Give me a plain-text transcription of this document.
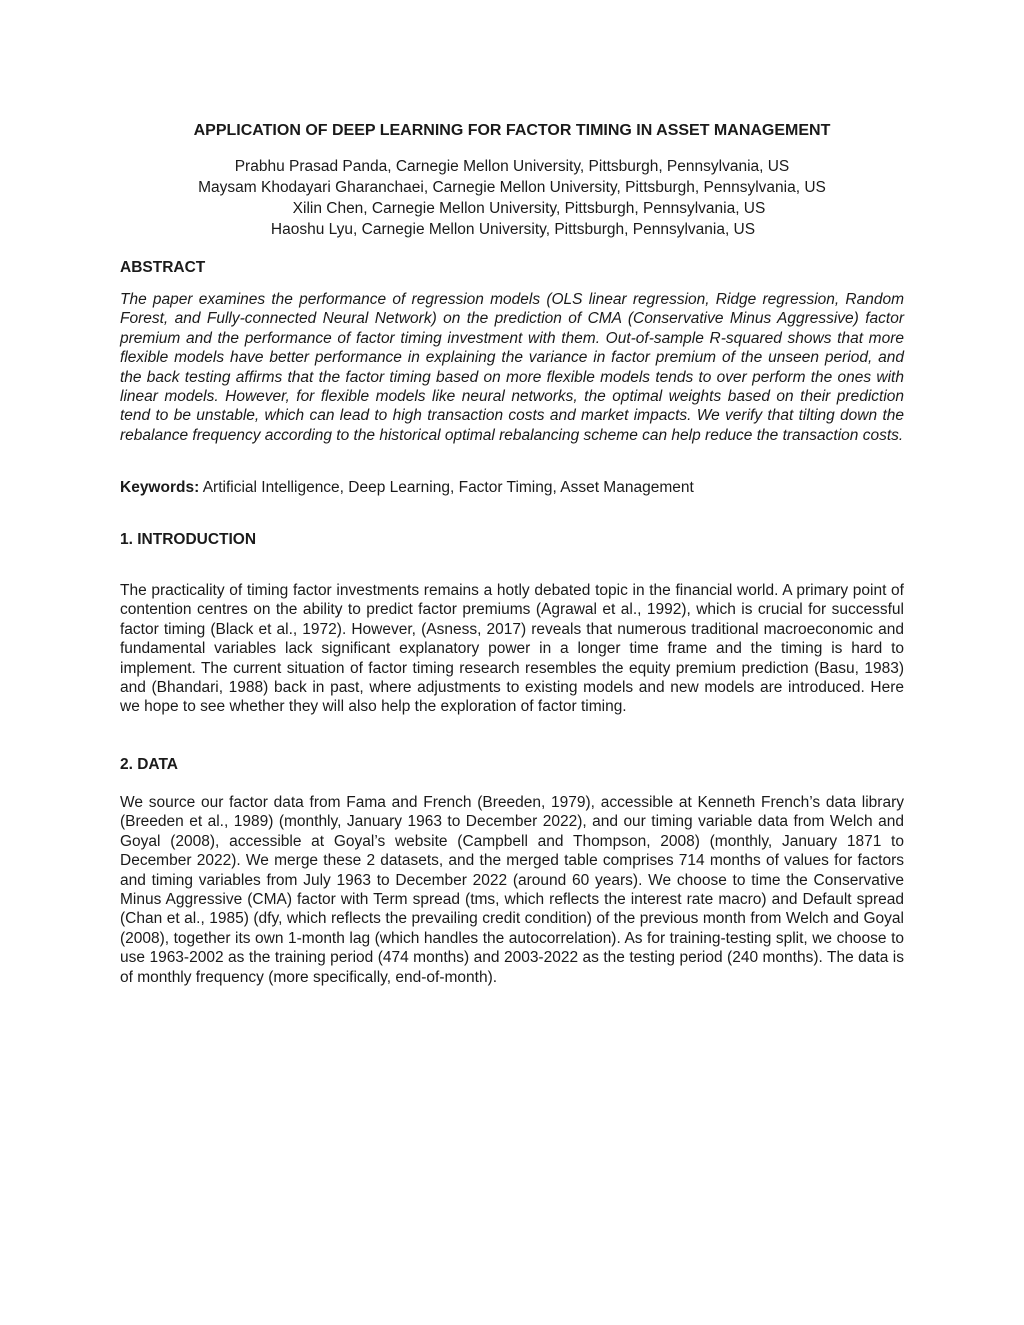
APPLICATION OF DEEP LEARNING FOR FACTOR TIMING IN ASSET MANAGEMENT
Prabhu Prasad Panda, Carnegie Mellon University, Pittsburgh, Pennsylvania, US
Maysam Khodayari Gharanchaei, Carnegie Mellon University, Pittsburgh, Pennsylvania, US
Xilin Chen, Carnegie Mellon University, Pittsburgh, Pennsylvania, US
Haoshu Lyu, Carnegie Mellon University, Pittsburgh, Pennsylvania, US
ABSTRACT

The paper examines the performance of regression models (OLS linear regression, Ridge regression, Random Forest, and Fully-connected Neural Network) on the prediction of CMA (Conservative Minus Aggressive) factor premium and the performance of factor timing investment with them. Out-of-sample R-squared shows that more flexible models have better performance in explaining the variance in factor premium of the unseen period, and the back testing affirms that the factor timing based on more flexible models tends to over perform the ones with linear models. However, for flexible models like neural networks, the optimal weights based on their prediction tend to be unstable, which can lead to high transaction costs and market impacts. We verify that tilting down the rebalance frequency according to the historical optimal rebalancing scheme can help reduce the transaction costs.

Keywords: Artificial Intelligence, Deep Learning, Factor Timing, Asset Management

1. INTRODUCTION

The practicality of timing factor investments remains a hotly debated topic in the financial world. A primary point of contention centres on the ability to predict factor premiums (Agrawal et al., 1992), which is crucial for successful factor timing (Black et al., 1972). However, (Asness, 2017) reveals that numerous traditional macroeconomic and fundamental variables lack significant explanatory power in a longer time frame and the timing is hard to implement. The current situation of factor timing research resembles the equity premium prediction (Basu, 1983) and (Bhandari, 1988) back in past, where adjustments to existing models and new models are introduced. Here we hope to see whether they will also help the exploration of factor timing.

2. DATA

We source our factor data from Fama and French (Breeden, 1979), accessible at Kenneth French’s data library (Breeden et al., 1989) (monthly, January 1963 to December 2022), and our timing variable data from Welch and Goyal (2008), accessible at Goyal’s website (Campbell and Thompson, 2008) (monthly, January 1871 to December 2022). We merge these 2 datasets, and the merged table comprises 714 months of values for factors and timing variables from July 1963 to December 2022 (around 60 years). We choose to time the Conservative Minus Aggressive (CMA) factor with Term spread (tms, which reflects the interest rate macro) and Default spread (Chan et al., 1985) (dfy, which reflects the prevailing credit condition) of the previous month from Welch and Goyal (2008), together its own 1-month lag (which handles the autocorrelation). As for training-testing split, we choose to use 1963-2002 as the training period (474 months) and 2003-2022 as the testing period (240 months). The data is of monthly frequency (more specifically, end-of-month).
